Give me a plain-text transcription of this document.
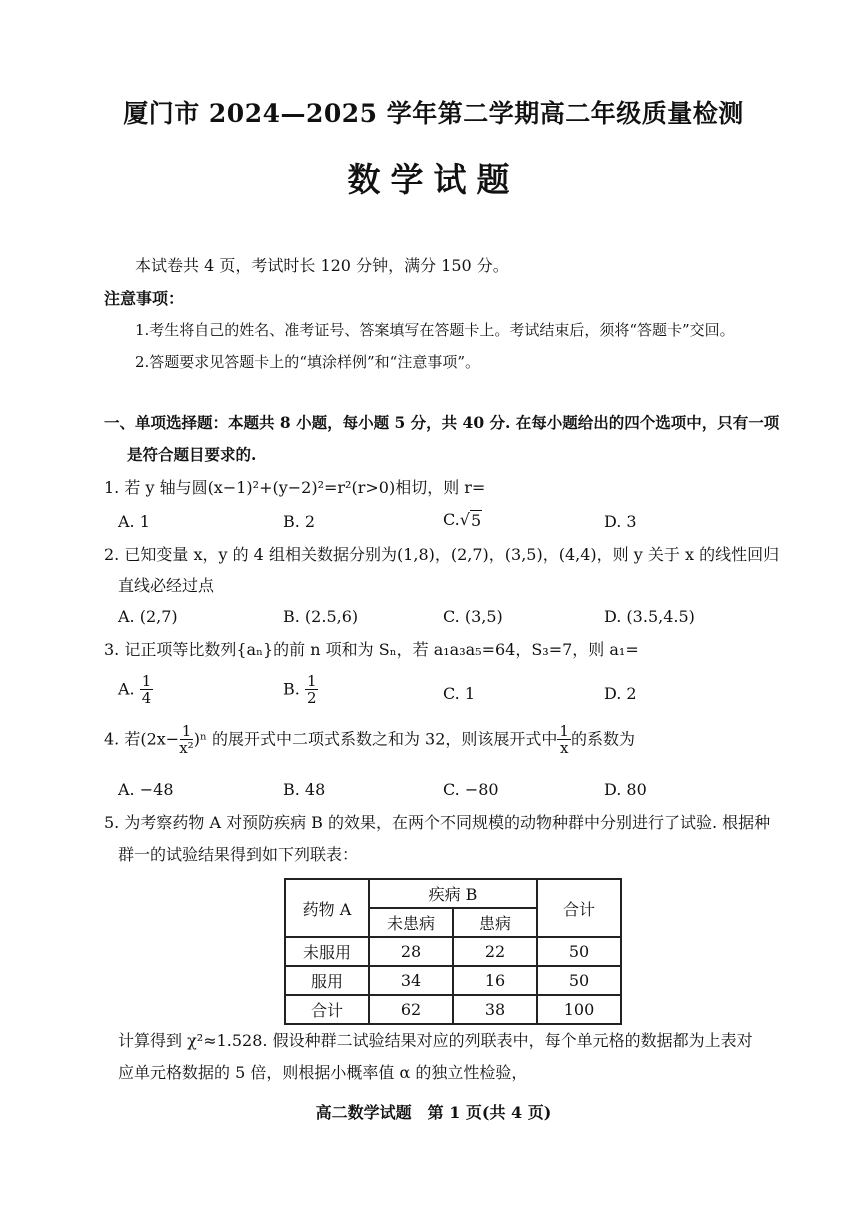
厦门市 2024—2025 学年第二学期高二年级质量检测
数学试题
本试卷共 4 页，考试时长 120 分钟，满分 150 分。
注意事项：
1.考生将自己的姓名、准考证号、答案填写在答题卡上。考试结束后，须将“答题卡”交回。
2.答题要求见答题卡上的“填涂样例”和“注意事项”。
一、单项选择题：本题共 8 小题，每小题 5 分，共 40 分. 在每小题给出的四个选项中，只有一项
是符合题目要求的.
1. 若 y 轴与圆(x−1)²+(y−2)²=r²(r>0)相切，则 r=
A. 1	B. 2	C.√ 5	D. 3
2. 已知变量 x，y 的 4 组相关数据分别为(1,8)，(2,7)，(3,5)，(4,4)，则 y 关于 x 的线性回归
直线必经过点
A. (2,7)	B. (2.5,6)	C. (3,5)	D. (3.5,4.5)
3. 记正项等比数列{aₙ}的前 n 项和为 Sₙ，若 a₁a₃a₅=64，S₃=7，则 a₁=
A. $\frac{1}{4}$	B. $\frac{1}{2}$	C. 1	D. 2
4. 若$(2x- \frac{1}{\text{x²}} )^n$ 的展开式中二项式系数之和为 32，则该展开式中 $\frac{1}{x}$ 的系数为
A. −48	B. 48	C. −80	D. 80
5. 为考察药物 A 对预防疾病 B 的效果，在两个不同规模的动物种群中分别进行了试验. 根据种
群一的试验结果得到如下列联表：
药物 A	疾病 B		合计
	未患病	患病	
未服用	28	22	50
服用	34	16	50
合计	62	38	100
计算得到 χ²≈1.528. 假设种群二试验结果对应的列联表中，每个单元格的数据都为上表对
应单元格数据的 5 倍，则根据小概率值 α 的独立性检验，
高二数学试题　第 1 页(共 4 页)
